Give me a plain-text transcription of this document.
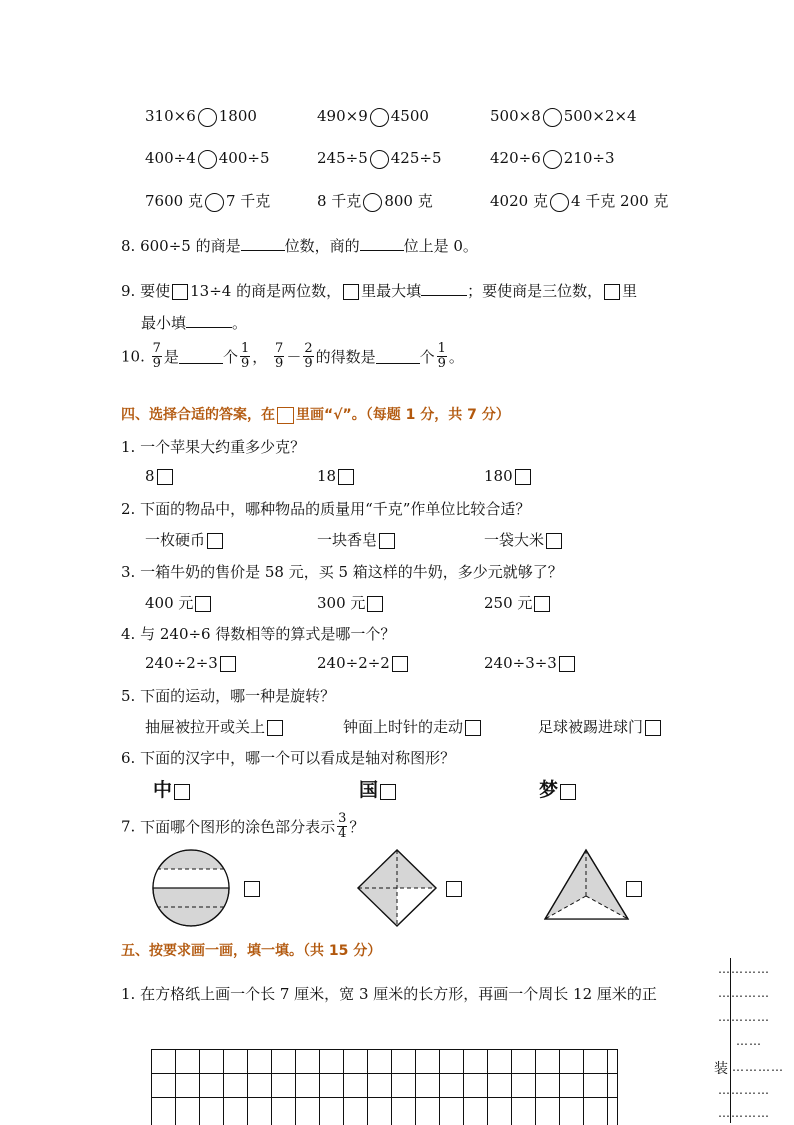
310×6 1800	490×9 4500	500×8 500×2×4
400÷4 400÷5	245÷5 425÷5	420÷6 210÷3
7600 克 7 千克	8 千克 800 克	4020 克 4 千克 200 克
8. 600÷5 的商是	位数，商的	位上是 0。
9. 要使 13÷4 的商是两位数， 里最大填	；要使商是三位数， 里
最小填	。
10. $\frac{7}{9}$ 是	个 $\frac{1}{9}$ ， $\frac{7}{9} - \frac{2}{9}$ 的得数是	个 $\frac{1}{9}$ 。
四、选择合适的答案，在 里画“√”。（每题 1 分，共 7 分）
1. 一个苹果大约重多少克？
8	18	180
2. 下面的物品中，哪种物品的质量用“千克”作单位比较合适？
一枚硬币	一块香皂	一袋大米
3. 一箱牛奶的售价是 58 元，买 5 箱这样的牛奶，多少元就够了？
400 元	300 元	250 元
4. 与 240÷6 得数相等的算式是哪一个？
240÷2÷3	240÷2÷2	240÷3÷3
5. 下面的运动，哪一种是旋转？
抽屉被拉开或关上	钟面上时针的走动	足球被踢进球门
6. 下面的汉字中，哪一个可以看成是轴对称图形？
中	国	梦
7. 下面哪个图形的涂色部分表示 $\frac{3}{4}$ ？
五、按要求画一画，填一填。（共 15 分）
1. 在方格纸上画一个长 7 厘米，宽 3 厘米的长方形，再画一个周长 12 厘米的正
…………
…………
…………
……
装 …………
…………
…………
